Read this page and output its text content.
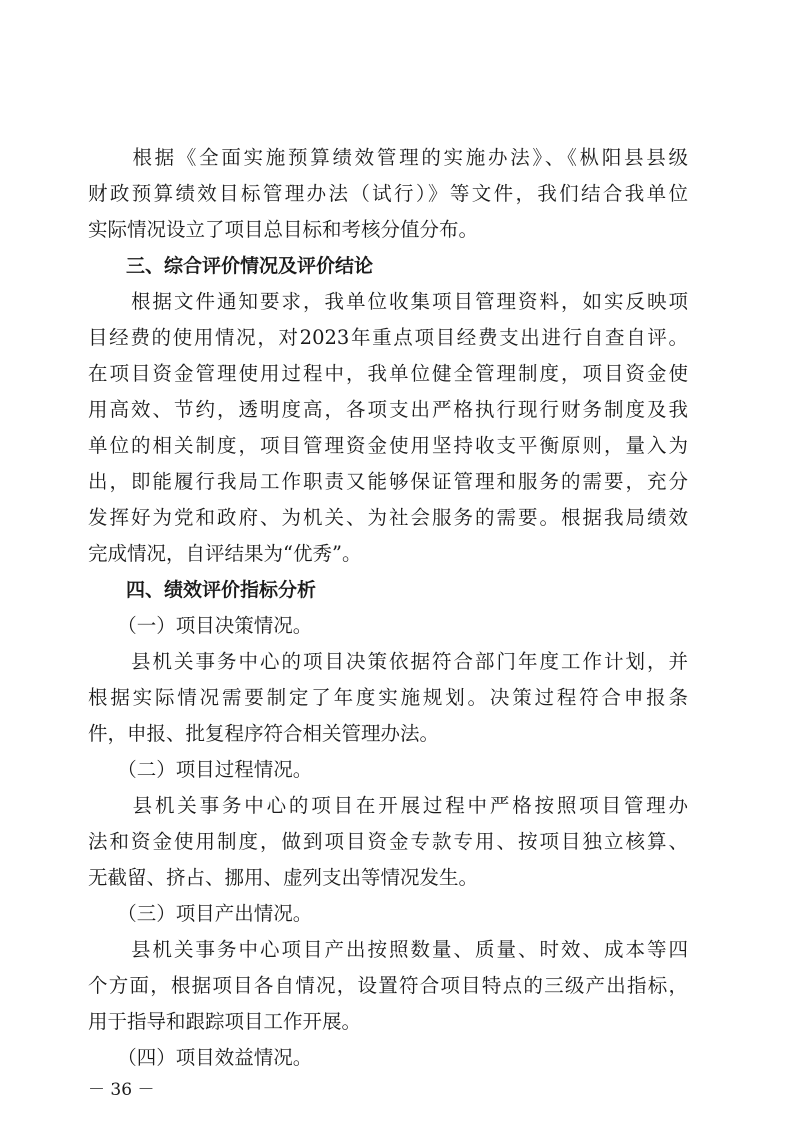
　　根据《全面实施预算绩效管理的实施办法》、《枞阳县县级

财政预算绩效目标管理办法（试行）》等文件，我们结合我单位

实际情况设立了项目总目标和考核分值分布。

　　三、综合评价情况及评价结论

　　根据文件通知要求，我单位收集项目管理资料，如实反映项

目经费的使用情况，对2023年重点项目经费支出进行自查自评。

在项目资金管理使用过程中，我单位健全管理制度，项目资金使

用高效、节约，透明度高，各项支出严格执行现行财务制度及我

单位的相关制度，项目管理资金使用坚持收支平衡原则，量入为

出，即能履行我局工作职责又能够保证管理和服务的需要，充分

发挥好为党和政府、为机关、为社会服务的需要。根据我局绩效

完成情况，自评结果为“优秀”。

　　四、绩效评价指标分析

　　（一）项目决策情况。

　　县机关事务中心的项目决策依据符合部门年度工作计划，并

根据实际情况需要制定了年度实施规划。决策过程符合申报条

件，申报、批复程序符合相关管理办法。

　　（二）项目过程情况。

　　县机关事务中心的项目在开展过程中严格按照项目管理办

法和资金使用制度，做到项目资金专款专用、按项目独立核算、

无截留、挤占、挪用、虚列支出等情况发生。

　　（三）项目产出情况。

　　县机关事务中心项目产出按照数量、质量、时效、成本等四

个方面，根据项目各自情况，设置符合项目特点的三级产出指标，

用于指导和跟踪项目工作开展。

　　（四）项目效益情况。

－ 36 －
